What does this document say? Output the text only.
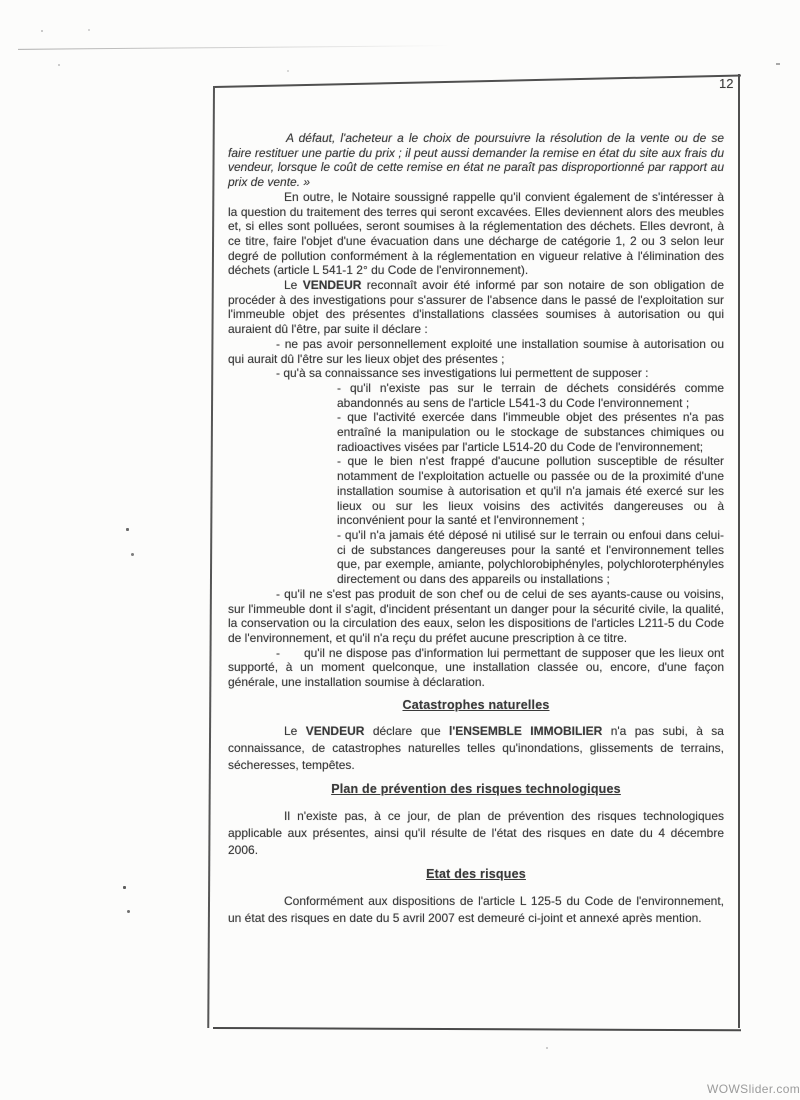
12

A défaut, l'acheteur a le choix de poursuivre la résolution de la vente ou de se faire restituer une partie du prix ; il peut aussi demander la remise en état du site aux frais du vendeur, lorsque le coût de cette remise en état ne paraît pas disproportionné par rapport au prix de vente. »

En outre, le Notaire soussigné rappelle qu'il convient également de s'intéresser à la question du traitement des terres qui seront excavées. Elles deviennent alors des meubles et, si elles sont polluées, seront soumises à la réglementation des déchets. Elles devront, à ce titre, faire l'objet d'une évacuation dans une décharge de catégorie 1, 2 ou 3 selon leur degré de pollution conformément à la réglementation en vigueur relative à l'élimination des déchets (article L 541-1 2° du Code de l'environnement).

Le VENDEUR reconnaît avoir été informé par son notaire de son obligation de procéder à des investigations pour s'assurer de l'absence dans le passé de l'exploitation sur l'immeuble objet des présentes d'installations classées soumises à autorisation ou qui auraient dû l'être, par suite il déclare :

- ne pas avoir personnellement exploité une installation soumise à autorisation ou qui aurait dû l'être sur les lieux objet des présentes ;

- qu'à sa connaissance ses investigations lui permettent de supposer :

- qu'il n'existe pas sur le terrain de déchets considérés comme abandonnés au sens de l'article L541-3 du Code l'environnement ;

- que l'activité exercée dans l'immeuble objet des présentes n'a pas entraîné la manipulation ou le stockage de substances chimiques ou radioactives visées par l'article L514-20 du Code de l'environnement;

- que le bien n'est frappé d'aucune pollution susceptible de résulter notamment de l'exploitation actuelle ou passée ou de la proximité d'une installation soumise à autorisation et qu'il n'a jamais été exercé sur les lieux ou sur les lieux voisins des activités dangereuses ou à inconvénient pour la santé et l'environnement ;

- qu'il n'a jamais été déposé ni utilisé sur le terrain ou enfoui dans celui-ci de substances dangereuses pour la santé et l'environnement telles que, par exemple, amiante, polychlorobiphényles, polychloroterphényles directement ou dans des appareils ou installations ;

- qu'il ne s'est pas produit de son chef ou de celui de ses ayants-cause ou voisins, sur l'immeuble dont il s'agit, d'incident présentant un danger pour la sécurité civile, la qualité, la conservation ou la circulation des eaux, selon les dispositions de l'articles L211-5 du Code de l'environnement, et qu'il n'a reçu du préfet aucune prescription à ce titre.

-      qu'il ne dispose pas d'information lui permettant de supposer que les lieux ont supporté, à un moment quelconque, une installation classée ou, encore, d'une façon générale, une installation soumise à déclaration.

Catastrophes naturelles

Le VENDEUR déclare que l'ENSEMBLE IMMOBILIER n'a pas subi, à sa connaissance, de catastrophes naturelles telles qu'inondations, glissements de terrains, sécheresses, tempêtes.

Plan de prévention des risques technologiques

Il n'existe pas, à ce jour, de plan de prévention des risques technologiques applicable aux présentes, ainsi qu'il résulte de l'état des risques en date du 4 décembre 2006.

Etat des risques

Conformément aux dispositions de l'article L 125-5 du Code de l'environnement, un état des risques en date du 5 avril 2007 est demeuré ci-joint et annexé après mention.

WOWSlider.com
